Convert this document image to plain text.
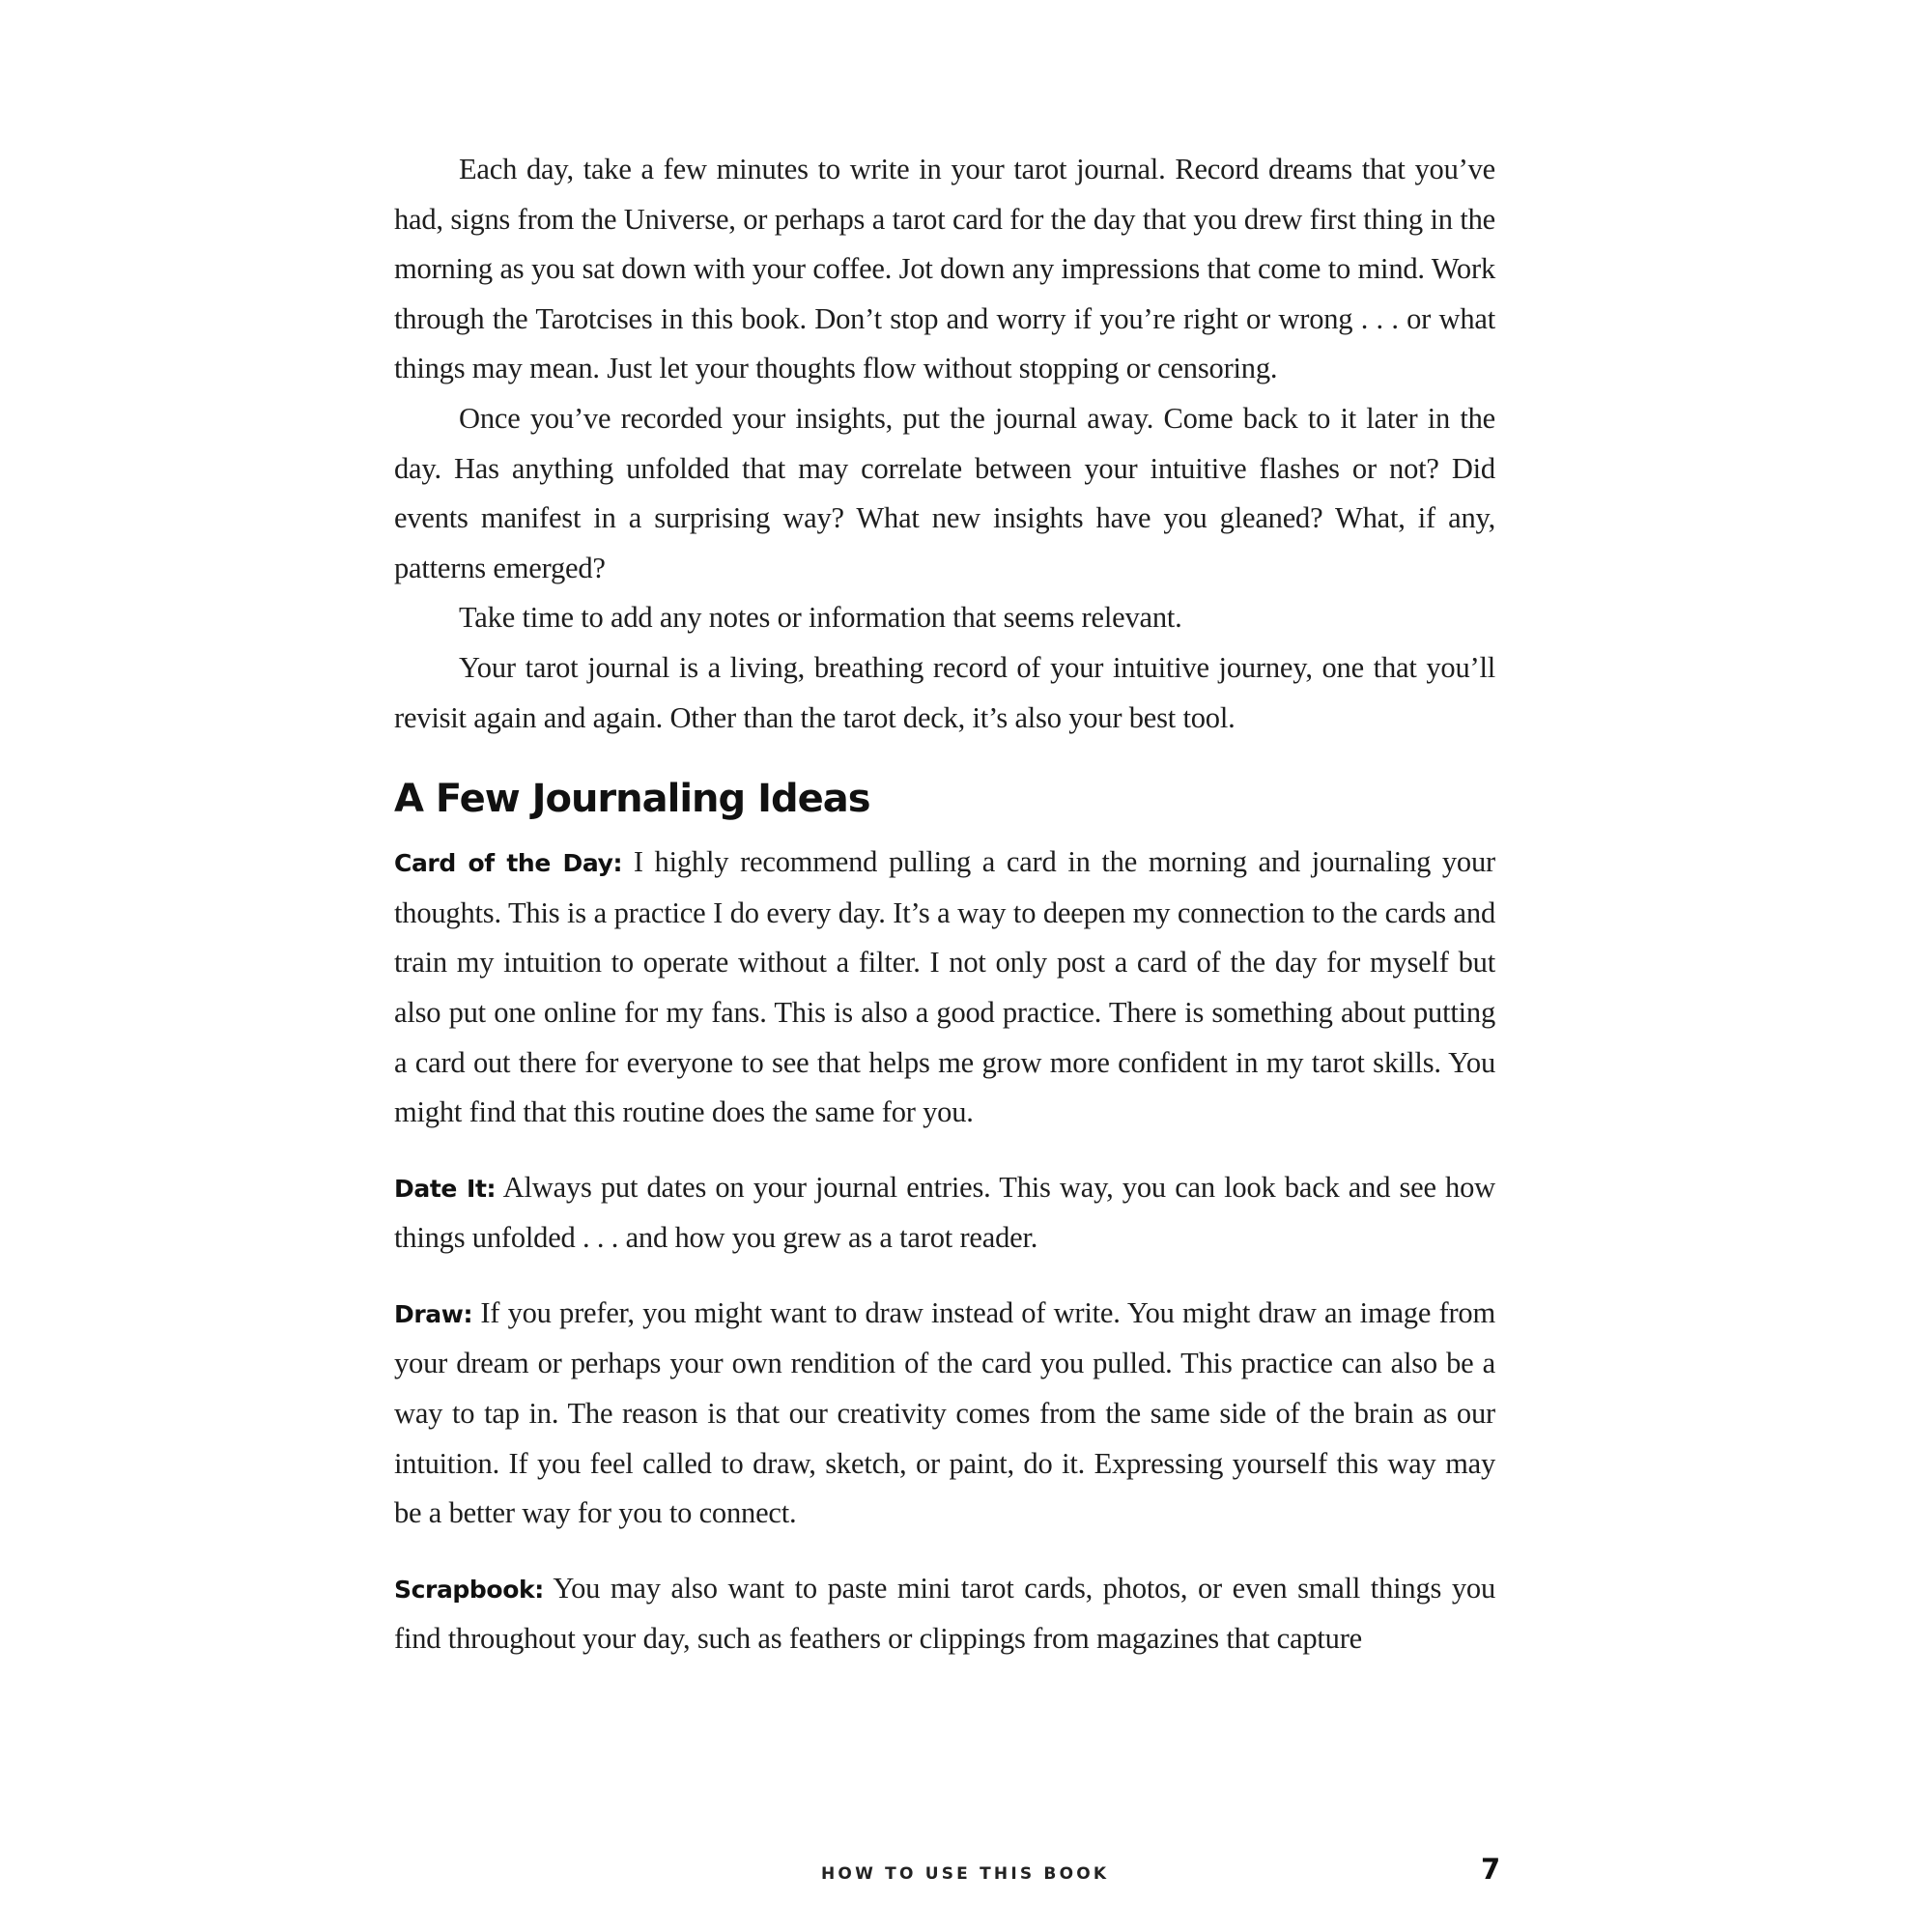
Each day, take a few minutes to write in your tarot journal. Record dreams that you’ve had, signs from the Universe, or perhaps a tarot card for the day that you drew first thing in the morning as you sat down with your coffee. Jot down any impressions that come to mind. Work through the Tarotcises in this book. Don’t stop and worry if you’re right or wrong . . . or what things may mean. Just let your thoughts flow without stopping or censoring.

Once you’ve recorded your insights, put the journal away. Come back to it later in the day. Has anything unfolded that may correlate between your intuitive flashes or not? Did events manifest in a surprising way? What new insights have you gleaned? What, if any, patterns emerged?

Take time to add any notes or information that seems relevant.

Your tarot journal is a living, breathing record of your intuitive journey, one that you’ll revisit again and again. Other than the tarot deck, it’s also your best tool.

A Few Journaling Ideas

Card of the Day: I highly recommend pulling a card in the morning and journaling your thoughts. This is a practice I do every day. It’s a way to deepen my connection to the cards and train my intuition to operate without a filter. I not only post a card of the day for myself but also put one online for my fans. This is also a good practice. There is something about putting a card out there for everyone to see that helps me grow more confident in my tarot skills. You might find that this routine does the same for you.

Date It: Always put dates on your journal entries. This way, you can look back and see how things unfolded . . . and how you grew as a tarot reader.

Draw: If you prefer, you might want to draw instead of write. You might draw an image from your dream or perhaps your own rendition of the card you pulled. This practice can also be a way to tap in. The reason is that our creativity comes from the same side of the brain as our intuition. If you feel called to draw, sketch, or paint, do it. Expressing yourself this way may be a better way for you to connect.

Scrapbook: You may also want to paste mini tarot cards, photos, or even small things you find throughout your day, such as feathers or clippings from magazines that capture

HOW TO USE THIS BOOK	7
